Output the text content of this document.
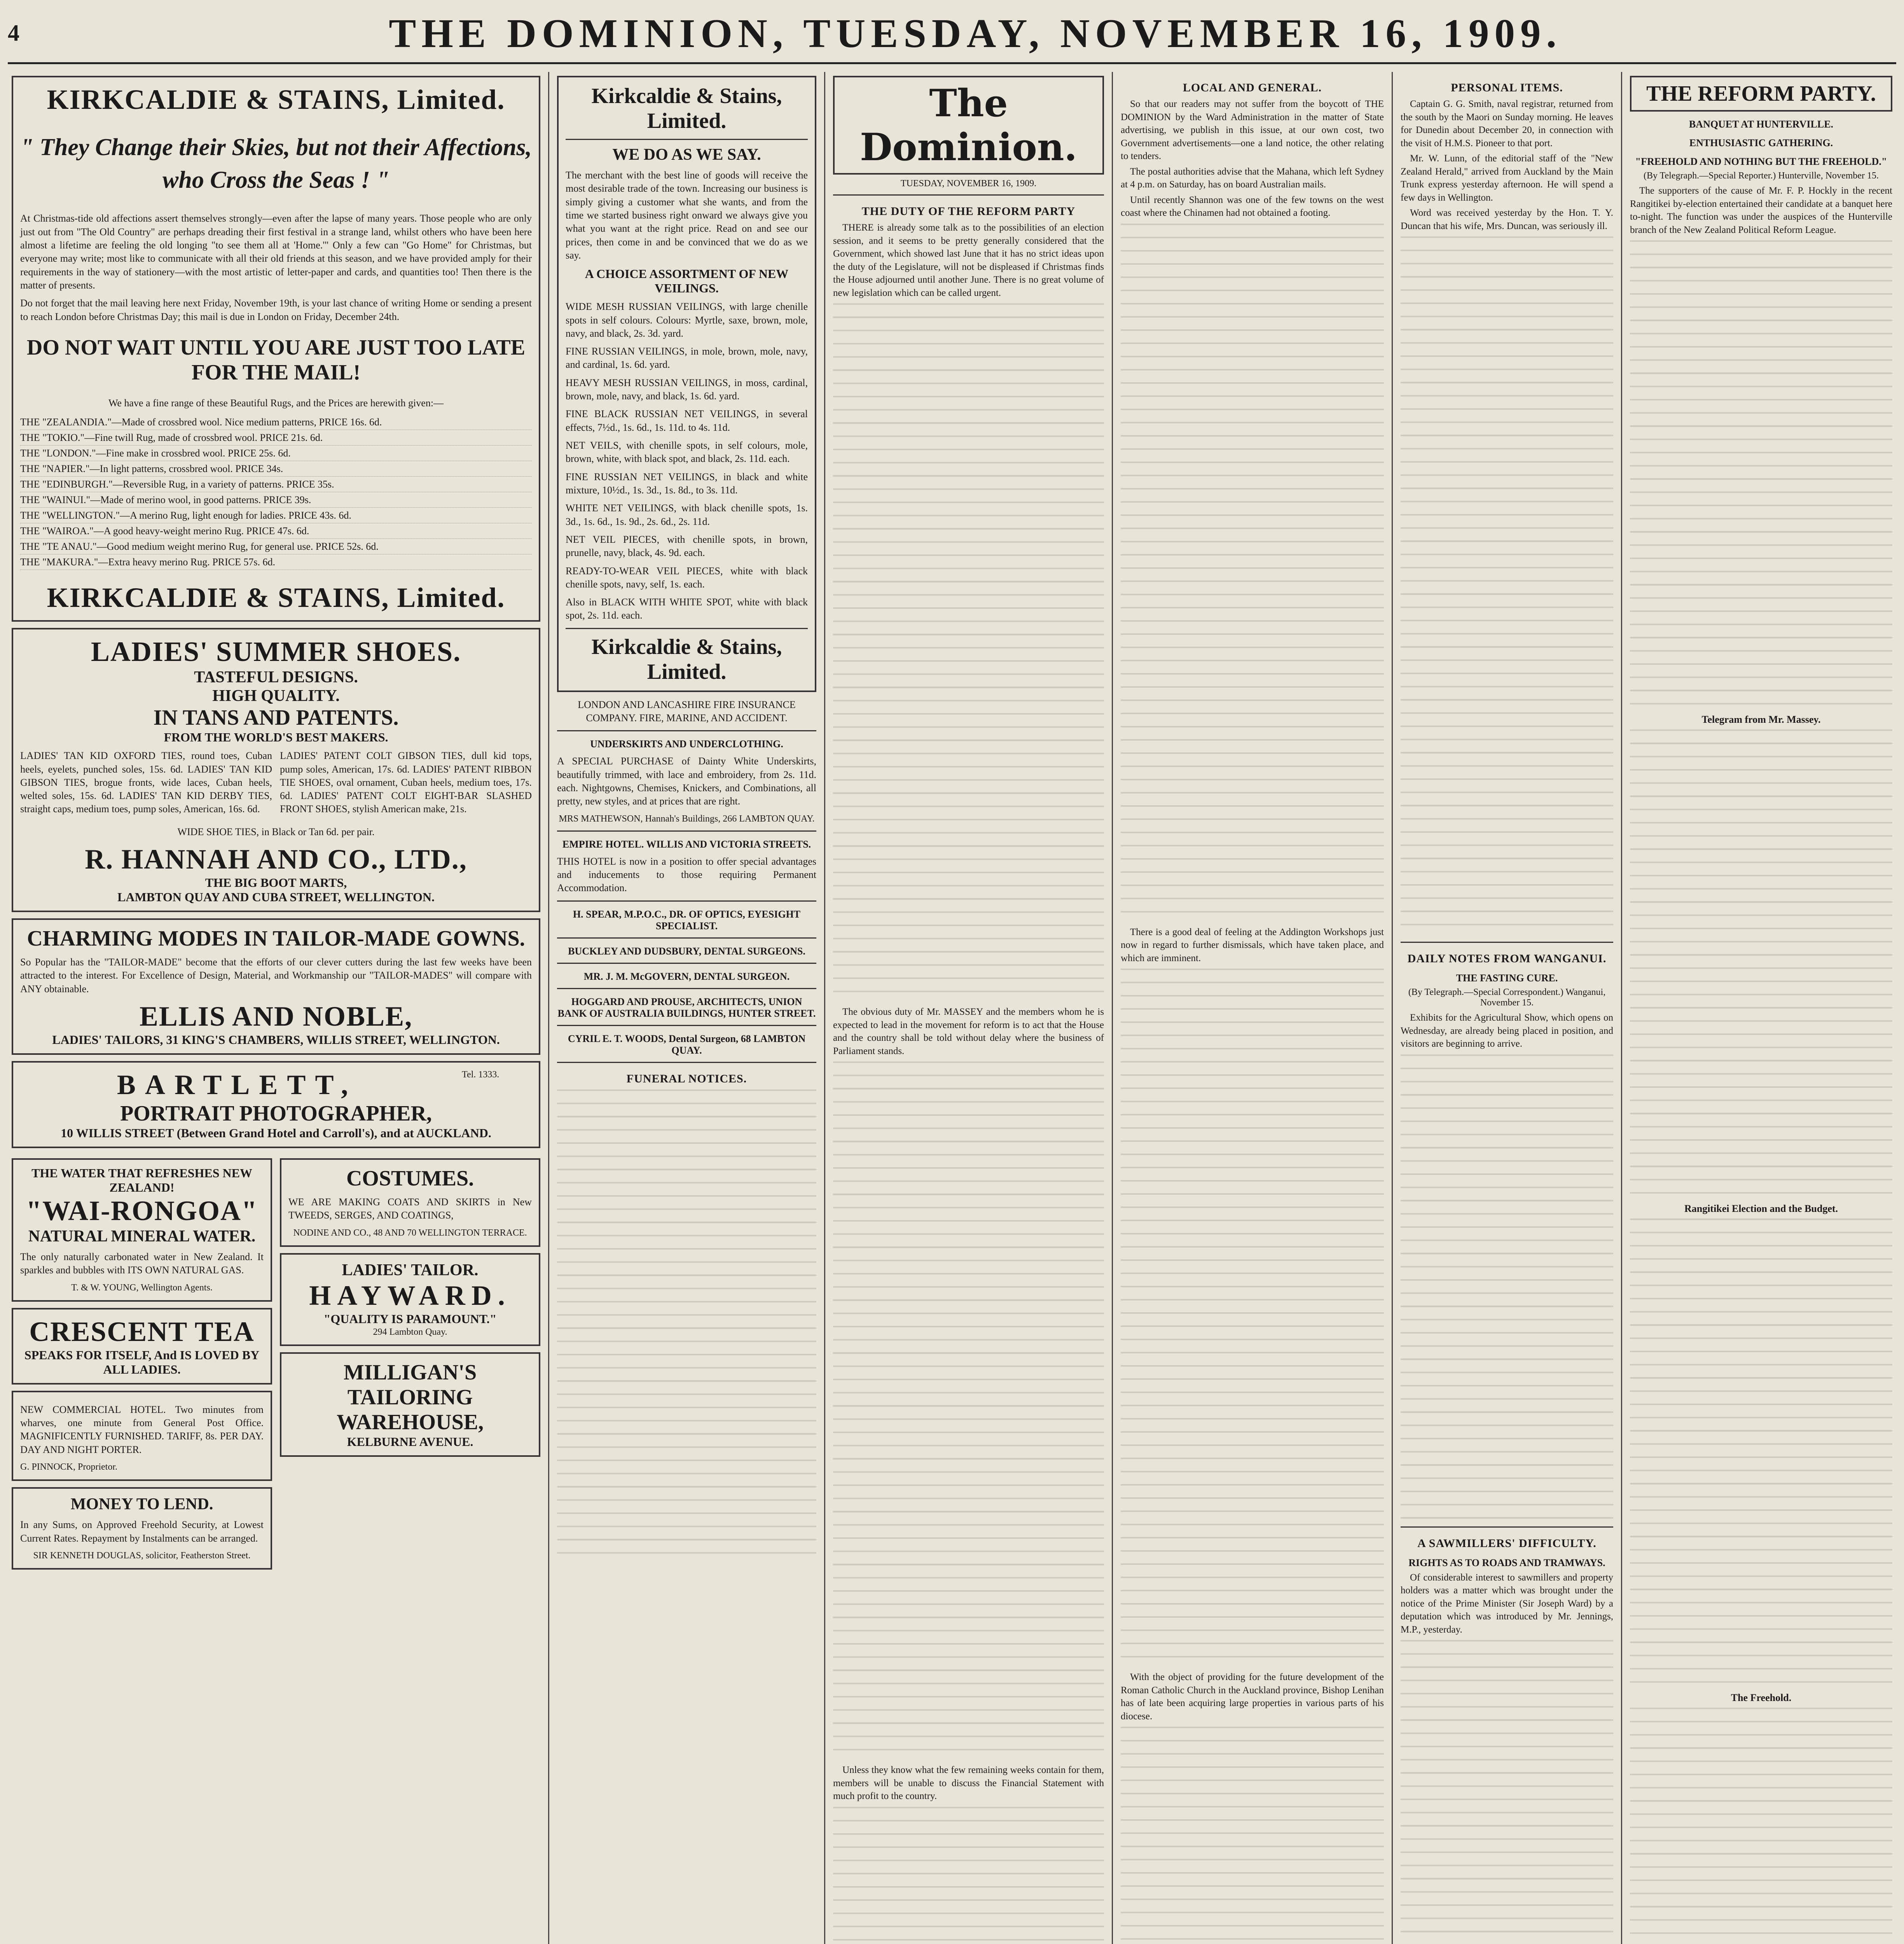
4	THE DOMINION, TUESDAY, NOVEMBER 16, 1909.
KIRKCALDIE & STAINS, Limited.
" They Change their Skies, but not their Affections, who Cross the Seas ! "
At Christmas-tide old affections assert themselves strongly—even after the lapse of many years. Those people who are only just out from "The Old Country" are perhaps dreading their first festival in a strange land, whilst others who have been here almost a lifetime are feeling the old longing "to see them all at 'Home.'" Only a few can "Go Home" for Christmas, but everyone may write; most like to communicate with all their old friends at this season, and we have provided amply for their requirements in the way of stationery—with the most artistic of letter-paper and cards, and quantities too! Then there is the matter of presents.
Do not forget that the mail leaving here next Friday, November 19th, is your last chance of writing Home or sending a present to reach London before Christmas Day; this mail is due in London on Friday, December 24th.
DO NOT WAIT UNTIL YOU ARE JUST TOO LATE FOR THE MAIL!
We have a fine range of these Beautiful Rugs, and the Prices are herewith given:—
THE "ZEALANDIA."—Made of crossbred wool. Nice medium patterns, PRICE 16s. 6d.
THE "TOKIO."—Fine twill Rug, made of crossbred wool. PRICE 21s. 6d.
THE "LONDON."—Fine make in crossbred wool. PRICE 25s. 6d.
THE "NAPIER."—In light patterns, crossbred wool. PRICE 34s.
THE "EDINBURGH."—Reversible Rug, in a variety of patterns. PRICE 35s.
THE "WAINUI."—Made of merino wool, in good patterns. PRICE 39s.
THE "WELLINGTON."—A merino Rug, light enough for ladies. PRICE 43s. 6d.
THE "WAIROA."—A good heavy-weight merino Rug. PRICE 47s. 6d.
THE "TE ANAU."—Good medium weight merino Rug, for general use. PRICE 52s. 6d.
THE "MAKURA."—Extra heavy merino Rug. PRICE 57s. 6d.
KIRKCALDIE & STAINS, Limited.
LADIES' SUMMER SHOES.
TASTEFUL DESIGNS.
HIGH QUALITY.
IN TANS AND PATENTS.
FROM THE WORLD'S BEST MAKERS.
LADIES' TAN KID OXFORD TIES, round toes, Cuban heels, eyelets, punched soles, 15s. 6d. LADIES' TAN KID GIBSON TIES, brogue fronts, wide laces, Cuban heels, welted soles, 15s. 6d. LADIES' TAN KID DERBY TIES, straight caps, medium toes, pump soles, American, 16s. 6d.
LADIES' PATENT COLT GIBSON TIES, dull kid tops, pump soles, American, 17s. 6d. LADIES' PATENT RIBBON TIE SHOES, oval ornament, Cuban heels, medium toes, 17s. 6d. LADIES' PATENT COLT EIGHT-BAR SLASHED FRONT SHOES, stylish American make, 21s.
WIDE SHOE TIES, in Black or Tan 6d. per pair.
R. HANNAH AND CO., LTD.,
THE BIG BOOT MARTS,
LAMBTON QUAY AND CUBA STREET, WELLINGTON.
CHARMING MODES IN TAILOR-MADE GOWNS.
So Popular has the "TAILOR-MADE" become that the efforts of our clever cutters during the last few weeks have been attracted to the interest. For Excellence of Design, Material, and Workmanship our "TAILOR-MADES" will compare with ANY obtainable.
ELLIS AND NOBLE,
LADIES' TAILORS, 31 KING'S CHAMBERS, WILLIS STREET, WELLINGTON.
BARTLETT,	Tel. 1333.
PORTRAIT PHOTOGRAPHER,
10 WILLIS STREET (Between Grand Hotel and Carroll's), and at AUCKLAND.
THE WATER THAT REFRESHES NEW ZEALAND!
"WAI-RONGOA"
NATURAL MINERAL WATER.
The only naturally carbonated water in New Zealand. It sparkles and bubbles with ITS OWN NATURAL GAS.
T. & W. YOUNG, Wellington Agents.
CRESCENT TEA
SPEAKS FOR ITSELF, And IS LOVED BY ALL LADIES.
NEW COMMERCIAL HOTEL. Two minutes from wharves, one minute from General Post Office. MAGNIFICENTLY FURNISHED. TARIFF, 8s. PER DAY. DAY AND NIGHT PORTER.
G. PINNOCK, Proprietor.
MONEY TO LEND.
In any Sums, on Approved Freehold Security, at Lowest Current Rates. Repayment by Instalments can be arranged.
SIR KENNETH DOUGLAS, solicitor, Featherston Street.
COSTUMES.
WE ARE MAKING COATS AND SKIRTS in New TWEEDS, SERGES, AND COATINGS,
NODINE AND CO., 48 AND 70 WELLINGTON TERRACE.
LADIES' TAILOR.
HAYWARD.
"QUALITY IS PARAMOUNT."
294 Lambton Quay.
MILLIGAN'S TAILORING WAREHOUSE,
KELBURNE AVENUE.
Kirkcaldie & Stains, Limited.
WE DO AS WE SAY.
The merchant with the best line of goods will receive the most desirable trade of the town. Increasing our business is simply giving a customer what she wants, and from the time we started business right onward we always give you what you want at the right price. Read on and see our prices, then come in and be convinced that we do as we say.
A CHOICE ASSORTMENT OF NEW VEILINGS.
WIDE MESH RUSSIAN VEILINGS, with large chenille spots in self colours. Colours: Myrtle, saxe, brown, mole, navy, and black, 2s. 3d. yard.
FINE RUSSIAN VEILINGS, in mole, brown, mole, navy, and cardinal, 1s. 6d. yard.
HEAVY MESH RUSSIAN VEILINGS, in moss, cardinal, brown, mole, navy, and black, 1s. 6d. yard.
FINE BLACK RUSSIAN NET VEILINGS, in several effects, 7½d., 1s. 6d., 1s. 11d. to 4s. 11d.
NET VEILS, with chenille spots, in self colours, mole, brown, white, with black spot, and black, 2s. 11d. each.
FINE RUSSIAN NET VEILINGS, in black and white mixture, 10½d., 1s. 3d., 1s. 8d., to 3s. 11d.
WHITE NET VEILINGS, with black chenille spots, 1s. 3d., 1s. 6d., 1s. 9d., 2s. 6d., 2s. 11d.
NET VEIL PIECES, with chenille spots, in brown, prunelle, navy, black, 4s. 9d. each.
READY-TO-WEAR VEIL PIECES, white with black chenille spots, navy, self, 1s. each.
Also in BLACK WITH WHITE SPOT, white with black spot, 2s. 11d. each.
Kirkcaldie & Stains, Limited.
LONDON AND LANCASHIRE FIRE INSURANCE COMPANY. FIRE, MARINE, AND ACCIDENT.
UNDERSKIRTS AND UNDERCLOTHING.
A SPECIAL PURCHASE of Dainty White Underskirts, beautifully trimmed, with lace and embroidery, from 2s. 11d. each. Nightgowns, Chemises, Knickers, and Combinations, all pretty, new styles, and at prices that are right.
MRS MATHEWSON, Hannah's Buildings, 266 LAMBTON QUAY.
EMPIRE HOTEL. WILLIS AND VICTORIA STREETS.
THIS HOTEL is now in a position to offer special advantages and inducements to those requiring Permanent Accommodation.
H. SPEAR, M.P.O.C., DR. OF OPTICS, EYESIGHT SPECIALIST.
BUCKLEY AND DUDSBURY, DENTAL SURGEONS.
MR. J. M. McGOVERN, DENTAL SURGEON.
HOGGARD AND PROUSE, ARCHITECTS, UNION BANK OF AUSTRALIA BUILDINGS, HUNTER STREET.
CYRIL E. T. WOODS, Dental Surgeon, 68 LAMBTON QUAY.
FUNERAL NOTICES.
The Dominion.
TUESDAY, NOVEMBER 16, 1909.
THE DUTY OF THE REFORM PARTY
THERE is already some talk as to the possibilities of an election session, and it seems to be pretty generally considered that the Government, which showed last June that it has no strict ideas upon the duty of the Legislature, will not be displeased if Christmas finds the House adjourned until another June. There is no great volume of new legislation which can be called urgent.
The obvious duty of Mr. MASSEY and the members whom he is expected to lead in the movement for reform is to act that the House and the country shall be told without delay where the business of Parliament stands.
Unless they know what the few remaining weeks contain for them, members will be unable to discuss the Financial Statement with much profit to the country.
LOCAL AND GENERAL.
So that our readers may not suffer from the boycott of THE DOMINION by the Ward Administration in the matter of State advertising, we publish in this issue, at our own cost, two Government advertisements—one a land notice, the other relating to tenders.
The postal authorities advise that the Mahana, which left Sydney at 4 p.m. on Saturday, has on board Australian mails.
Until recently Shannon was one of the few towns on the west coast where the Chinamen had not obtained a footing.
There is a good deal of feeling at the Addington Workshops just now in regard to further dismissals, which have taken place, and which are imminent.
With the object of providing for the future development of the Roman Catholic Church in the Auckland province, Bishop Lenihan has of late been acquiring large properties in various parts of his diocese.
PERSONAL ITEMS.
Captain G. G. Smith, naval registrar, returned from the south by the Maori on Sunday morning. He leaves for Dunedin about December 20, in connection with the visit of H.M.S. Pioneer to that port.
Mr. W. Lunn, of the editorial staff of the "New Zealand Herald," arrived from Auckland by the Main Trunk express yesterday afternoon. He will spend a few days in Wellington.
Word was received yesterday by the Hon. T. Y. Duncan that his wife, Mrs. Duncan, was seriously ill.
DAILY NOTES FROM WANGANUI.
THE FASTING CURE.
(By Telegraph.—Special Correspondent.) Wanganui, November 15.
Exhibits for the Agricultural Show, which opens on Wednesday, are already being placed in position, and visitors are beginning to arrive.
A SAWMILLERS' DIFFICULTY.
RIGHTS AS TO ROADS AND TRAMWAYS.
Of considerable interest to sawmillers and property holders was a matter which was brought under the notice of the Prime Minister (Sir Joseph Ward) by a deputation which was introduced by Mr. Jennings, M.P., yesterday.
THE REFORM PARTY.
BANQUET AT HUNTERVILLE.
ENTHUSIASTIC GATHERING.
"FREEHOLD AND NOTHING BUT THE FREEHOLD."
(By Telegraph.—Special Reporter.) Hunterville, November 15.
The supporters of the cause of Mr. F. P. Hockly in the recent Rangitikei by-election entertained their candidate at a banquet here to-night. The function was under the auspices of the Hunterville branch of the New Zealand Political Reform League.
Telegram from Mr. Massey.
Rangitikei Election and the Budget.
The Freehold.
